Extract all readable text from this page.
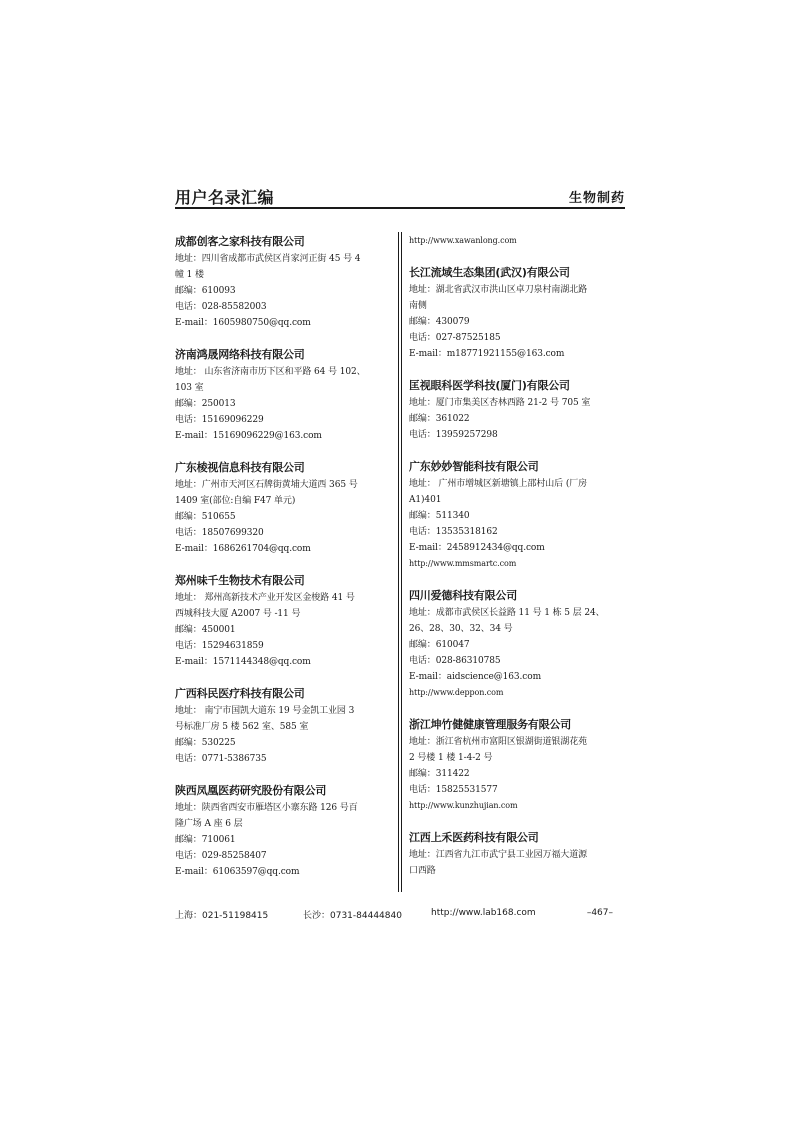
用户名录汇编	生物制药
成都创客之家科技有限公司
地址：四川省成都市武侯区肖家河正街 45 号 4
幢 1 楼
邮编：610093
电话：028-85582003
E-mail：1605980750@qq.com
济南鸿晟网络科技有限公司
地址： 山东省济南市历下区和平路 64 号 102、
103 室
邮编：250013
电话：15169096229
E-mail：15169096229@163.com
广东棱视信息科技有限公司
地址：广州市天河区石牌街黄埔大道西 365 号
1409 室(部位:自编 F47 单元)
邮编：510655
电话：18507699320
E-mail：1686261704@qq.com
郑州味千生物技术有限公司
地址： 郑州高新技术产业开发区金梭路 41 号
西城科技大厦 A2007 号 -11 号
邮编：450001
电话：15294631859
E-mail：1571144348@qq.com
广西科民医疗科技有限公司
地址： 南宁市国凯大道东 19 号金凯工业园 3
号标准厂房 5 楼 562 室、585 室
邮编：530225
电话：0771-5386735
陕西凤凰医药研究股份有限公司
地址：陕西省西安市雁塔区小寨东路 126 号百
隆广场 A 座 6 层
邮编：710061
电话：029-85258407
E-mail：61063597@qq.com
http://www.xawanlong.com
长江流域生态集团(武汉)有限公司
地址：湖北省武汉市洪山区卓刀泉村南湖北路
南侧
邮编：430079
电话：027-87525185
E-mail：m18771921155@163.com
匡视眼科医学科技(厦门)有限公司
地址：厦门市集美区杏林西路 21-2 号 705 室
邮编：361022
电话：13959257298
广东妙妙智能科技有限公司
地址： 广州市增城区新塘镇上邵村山后 (厂房
A1)401
邮编：511340
电话：13535318162
E-mail：2458912434@qq.com
http://www.mmsmartc.com
四川爱德科技有限公司
地址：成都市武侯区长益路 11 号 1 栋 5 层 24、
26、28、30、32、34 号
邮编：610047
电话：028-86310785
E-mail：aidscience@163.com
http://www.deppon.com
浙江坤竹健健康管理服务有限公司
地址：浙江省杭州市富阳区银湖街道银湖花苑
2 号楼 1 楼 1-4-2 号
邮编：311422
电话：15825531577
http://www.kunzhujian.com
江西上禾医药科技有限公司
地址：江西省九江市武宁县工业园万福大道源
口西路
上海：021-51198415	长沙：0731-84444840	http://www.lab168.com	–467–
